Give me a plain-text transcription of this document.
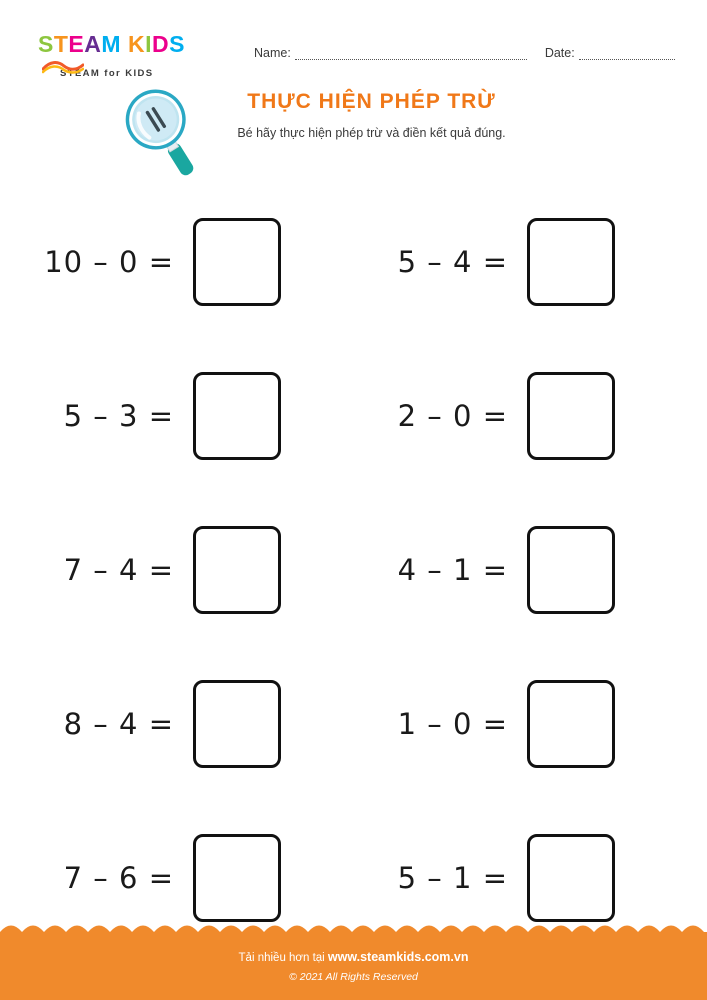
STEAM KIDS
STEAM for KIDS
Name:	Date:
THỰC HIỆN PHÉP TRỪ
Bé hãy thực hiện phép trừ và điền kết quả đúng.
10 – 0 =	5 – 4 =
5 – 3 =	2 – 0 =
7 – 4 =	4 – 1 =
8 – 4 =	1 – 0 =
7 – 6 =	5 – 1 =
Tải nhiều hơn tại www.steamkids.com.vn
© 2021 All Rights Reserved
